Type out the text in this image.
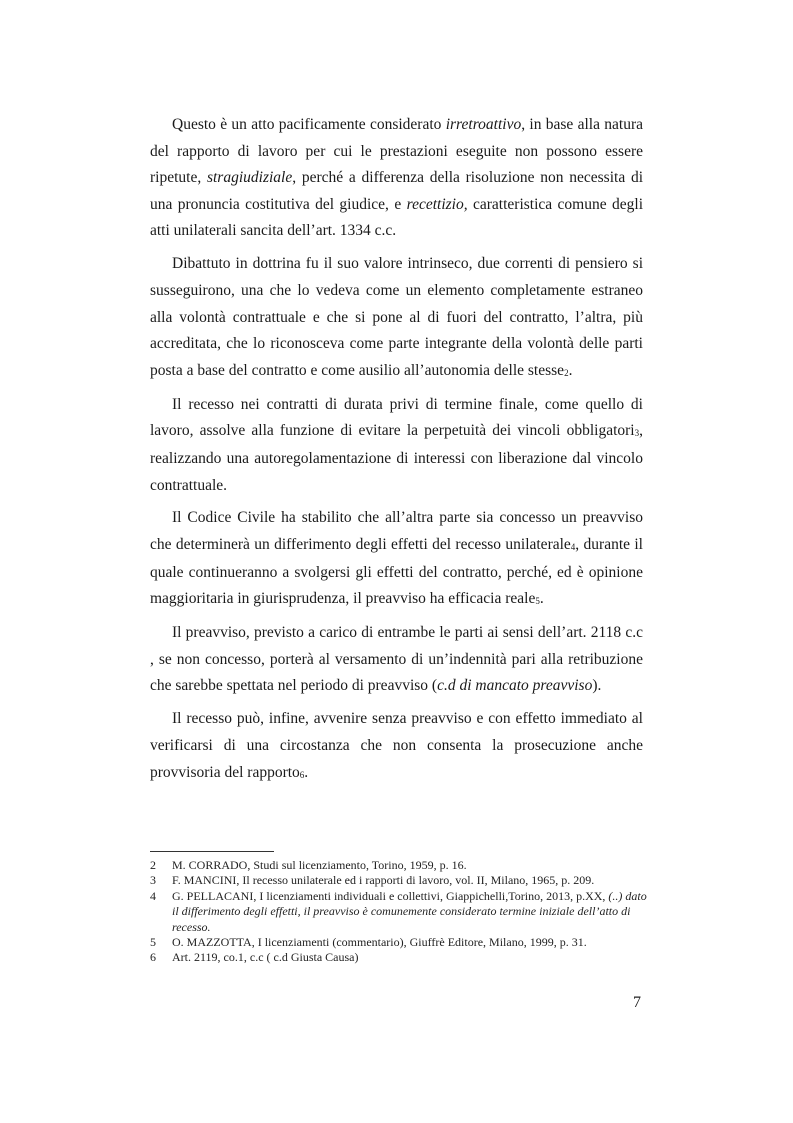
Questo è un atto pacificamente considerato irretroattivo, in base alla natura del rapporto di lavoro per cui le prestazioni eseguite non possono essere ripetute, stragiudiziale, perché a differenza della risoluzione non necessita di una pronuncia costitutiva del giudice, e recettizio, caratteristica comune degli atti unilaterali sancita dell’art. 1334 c.c.

Dibattuto in dottrina fu il suo valore intrinseco, due correnti di pensiero si susseguirono, una che lo vedeva come un elemento completamente estraneo alla volontà contrattuale e che si pone al di fuori del contratto, l’altra, più accreditata, che lo riconosceva come parte integrante della volontà delle parti posta a base del contratto e come ausilio all’autonomia delle stesse$^2$.

Il recesso nei contratti di durata privi di termine finale, come quello di lavoro, assolve alla funzione di evitare la perpetuità dei vincoli obbligatori$^3$, realizzando una autoregolamentazione di interessi con liberazione dal vincolo contrattuale.

Il Codice Civile ha stabilito che all’altra parte sia concesso un preavviso che determinerà un differimento degli effetti del recesso unilaterale$^4$, durante il quale continueranno a svolgersi gli effetti del contratto, perché, ed è opinione maggioritaria in giurisprudenza, il preavviso ha efficacia reale$^5$.

Il preavviso, previsto a carico di entrambe le parti ai sensi dell’art. 2118 c.c , se non concesso, porterà al versamento di un’indennità pari alla retribuzione che sarebbe spettata nel periodo di preavviso (c.d di mancato preavviso).

Il recesso può, infine, avvenire senza preavviso e con effetto immediato al verificarsi di una circostanza che non consenta la prosecuzione anche provvisoria del rapporto$^6$.

2	M. CORRADO, Studi sul licenziamento, Torino, 1959, p. 16.
3	F. MANCINI, Il recesso unilaterale ed i rapporti di lavoro, vol. II, Milano, 1965, p. 209.
4	G. PELLACANI, I licenziamenti individuali e collettivi, Giappichelli,Torino, 2013, p.XX, (..) dato il differimento degli effetti, il preavviso è comunemente considerato termine iniziale dell’atto di recesso.
5	O. MAZZOTTA, I licenziamenti (commentario), Giuffrè Editore, Milano, 1999, p. 31.
6	Art. 2119, co.1, c.c ( c.d Giusta Causa)
7
